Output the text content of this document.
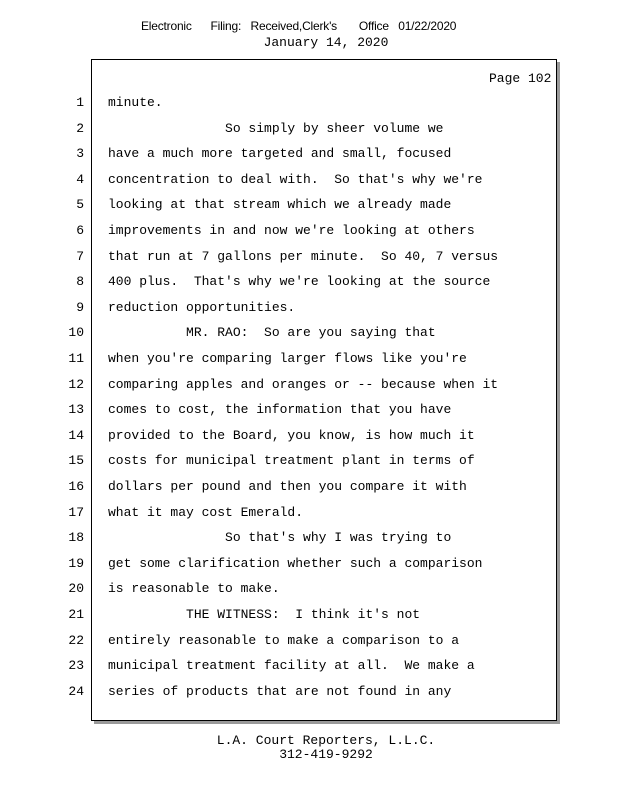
Electronic      Filing:   Received,Clerk's       Office   01/22/2020
January 14, 2020
Page 102
1 minute.
2 So simply by sheer volume we
3 have a much more targeted and small, focused
4 concentration to deal with.  So that's why we're
5 looking at that stream which we already made
6 improvements in and now we're looking at others
7 that run at 7 gallons per minute.  So 40, 7 versus
8 400 plus.  That's why we're looking at the source
9 reduction opportunities.
10 MR. RAO:  So are you saying that
11 when you're comparing larger flows like you're
12 comparing apples and oranges or -- because when it
13 comes to cost, the information that you have
14 provided to the Board, you know, is how much it
15 costs for municipal treatment plant in terms of
16 dollars per pound and then you compare it with
17 what it may cost Emerald.
18 So that's why I was trying to
19 get some clarification whether such a comparison
20 is reasonable to make.
21 THE WITNESS:  I think it's not
22 entirely reasonable to make a comparison to a
23 municipal treatment facility at all.  We make a
24 series of products that are not found in any
L.A. Court Reporters, L.L.C.
312-419-9292
